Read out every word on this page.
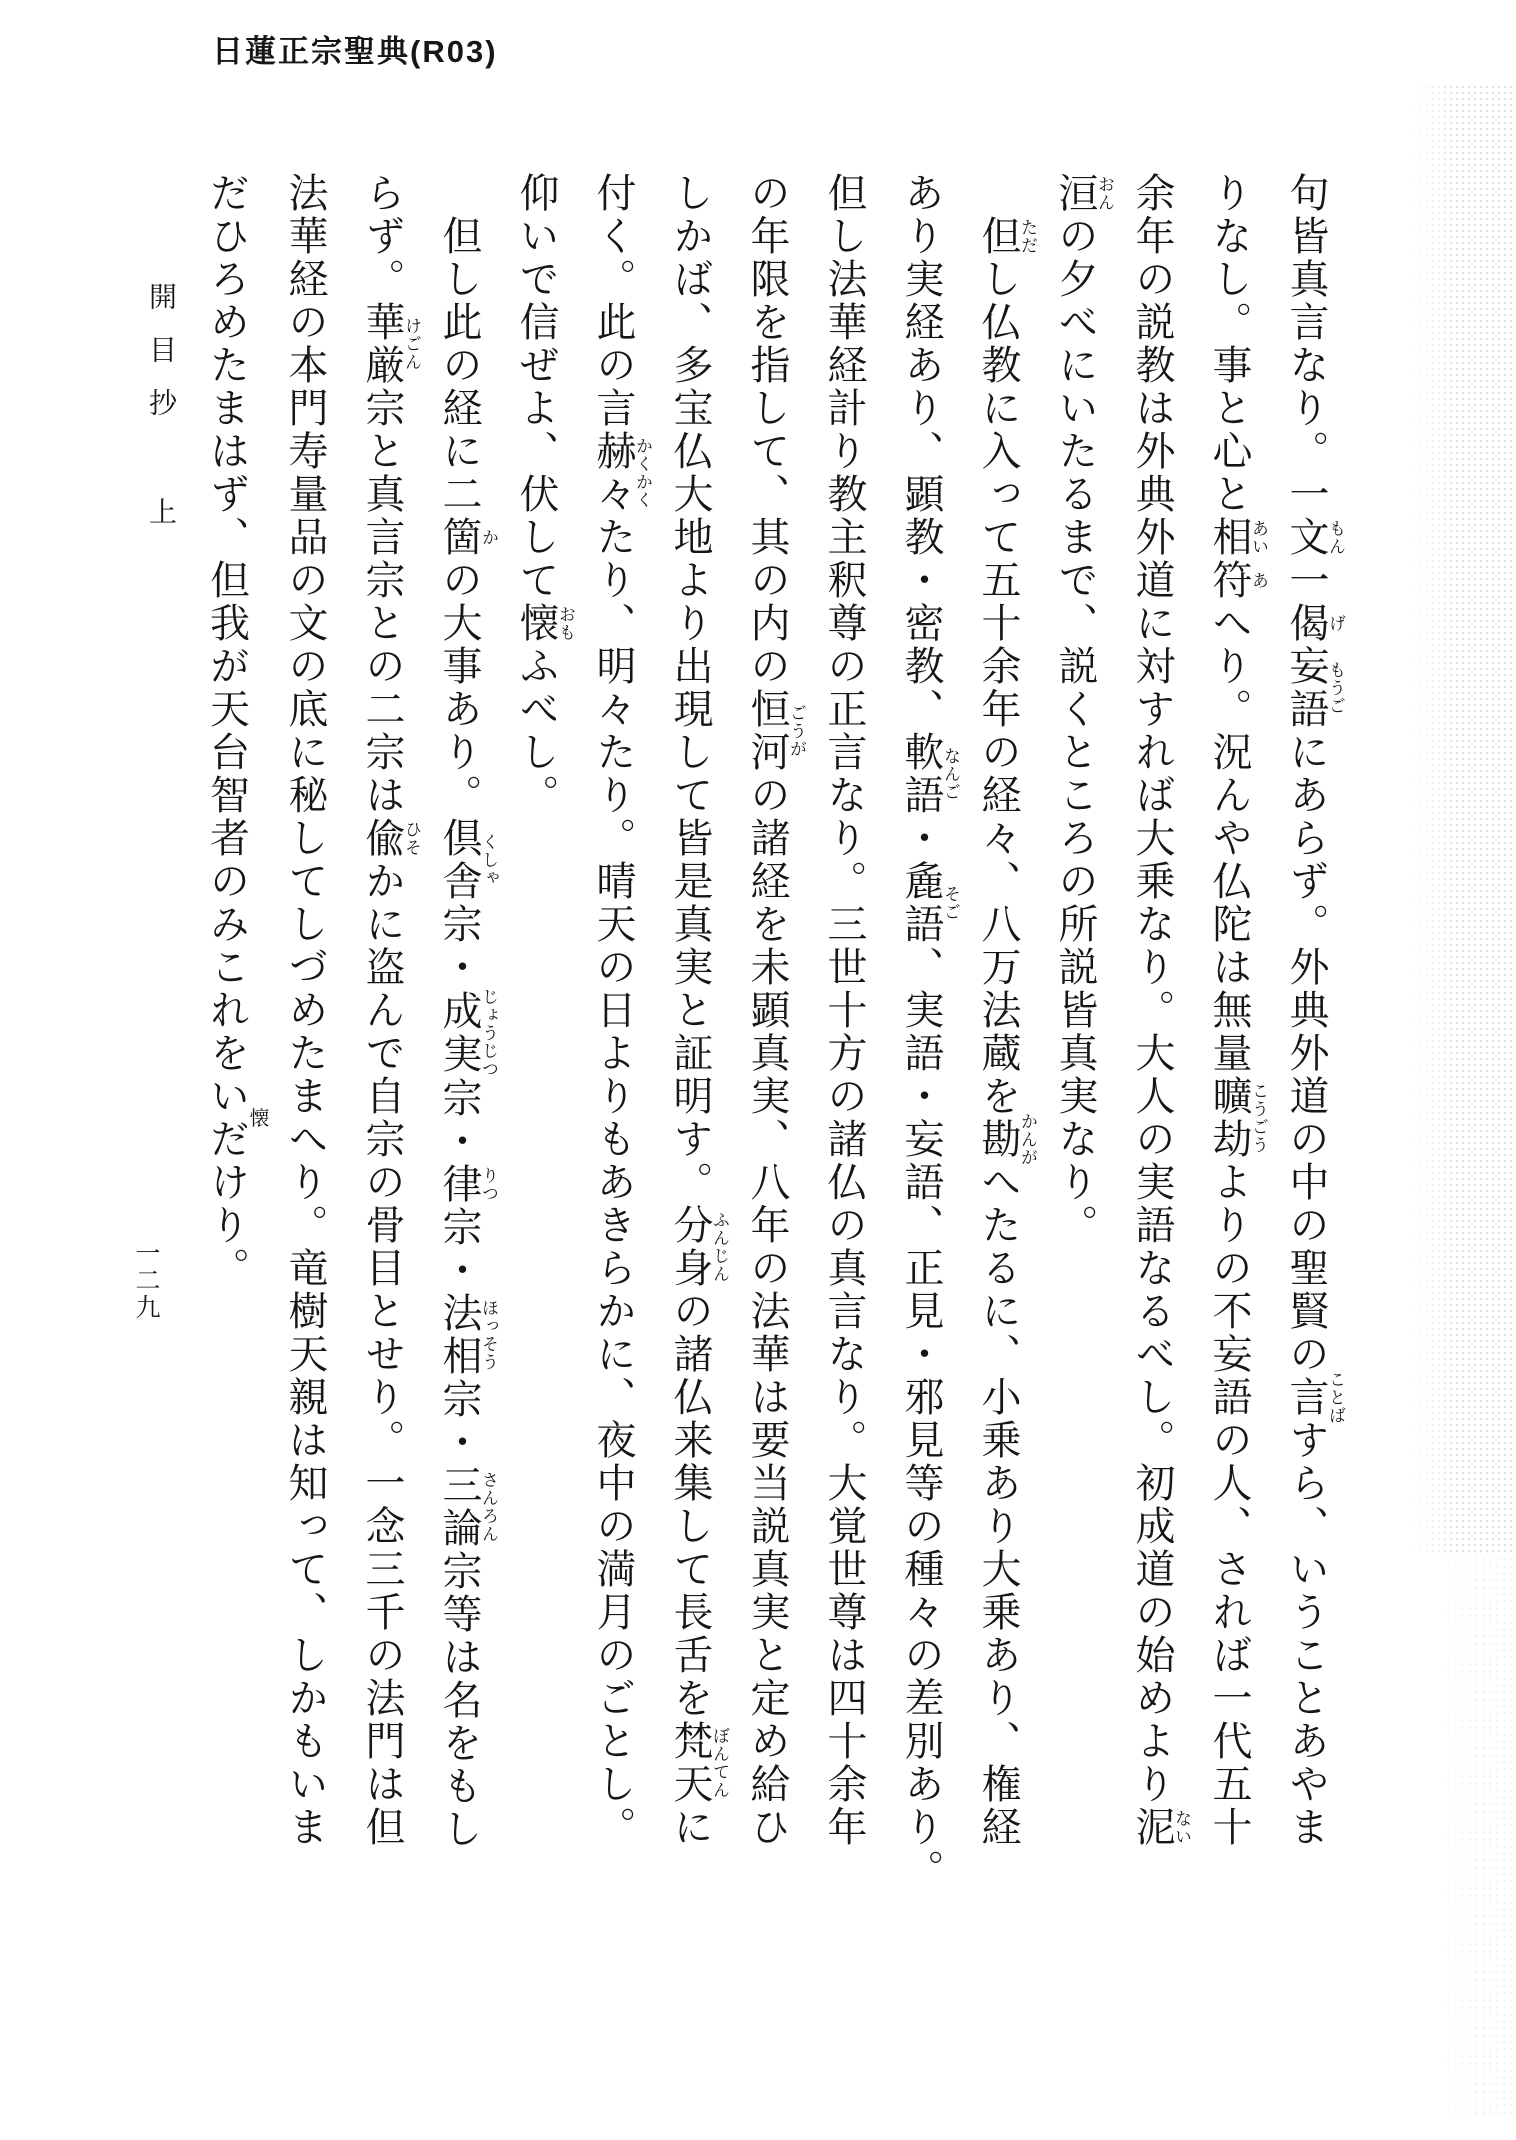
日蓮正宗聖典(R03)
開目抄 上	句皆真言なり。一文もん一偈げ妄語もうごにあらず。外典外道の中の聖賢の言ことばすら、いうことあやま
りなし。事と心と相あい符あへり。況んや仏陀は無量曠劫こうごうよりの不妄語の人、されば一代五十
余年の説教は外典外道に対すれば大乗なり。大人の実語なるべし。初成道の始めより泥ない
洹おんの夕べにいたるまで、説くところの所説皆真実なり。
但ただし仏教に入って五十余年の経々、八万法蔵を勘かんがへたるに、小乗あり大乗あり、権経
あり実経あり、顕教・密教、軟語なんご・麁語そご、実語・妄語、正見・邪見等の種々の差別あり。
但し法華経計り教主釈尊の正言なり。三世十方の諸仏の真言なり。大覚世尊は四十余年
の年限を指して、其の内の恒河ごうがの諸経を未顕真実、八年の法華は要当説真実と定め給ひ
しかば、多宝仏大地より出現して皆是真実と証明す。分身ふんじんの諸仏来集して長舌を梵天ぼんてんに
付く。此の言赫々かくかくたり、明々たり。晴天の日よりもあきらかに、夜中の満月のごとし。
仰いで信ぜよ、伏して懐おもふべし。
但し此の経に二箇かの大事あり。倶舎くしゃ宗・成実じょうじつ宗・律りつ宗・法相ほっそう宗・三論さんろん宗等は名をもし
らず。華厳けごん宗と真言宗との二宗は偸ひそかに盗んで自宗の骨目とせり。一念三千の法門は但
法華経の本門寿量品の文の底に秘してしづめたまへり。竜樹天親は知って、しかもいま
だひろめたまはず、但我が天台智者のみこれをいだ懐けり。
一二九
